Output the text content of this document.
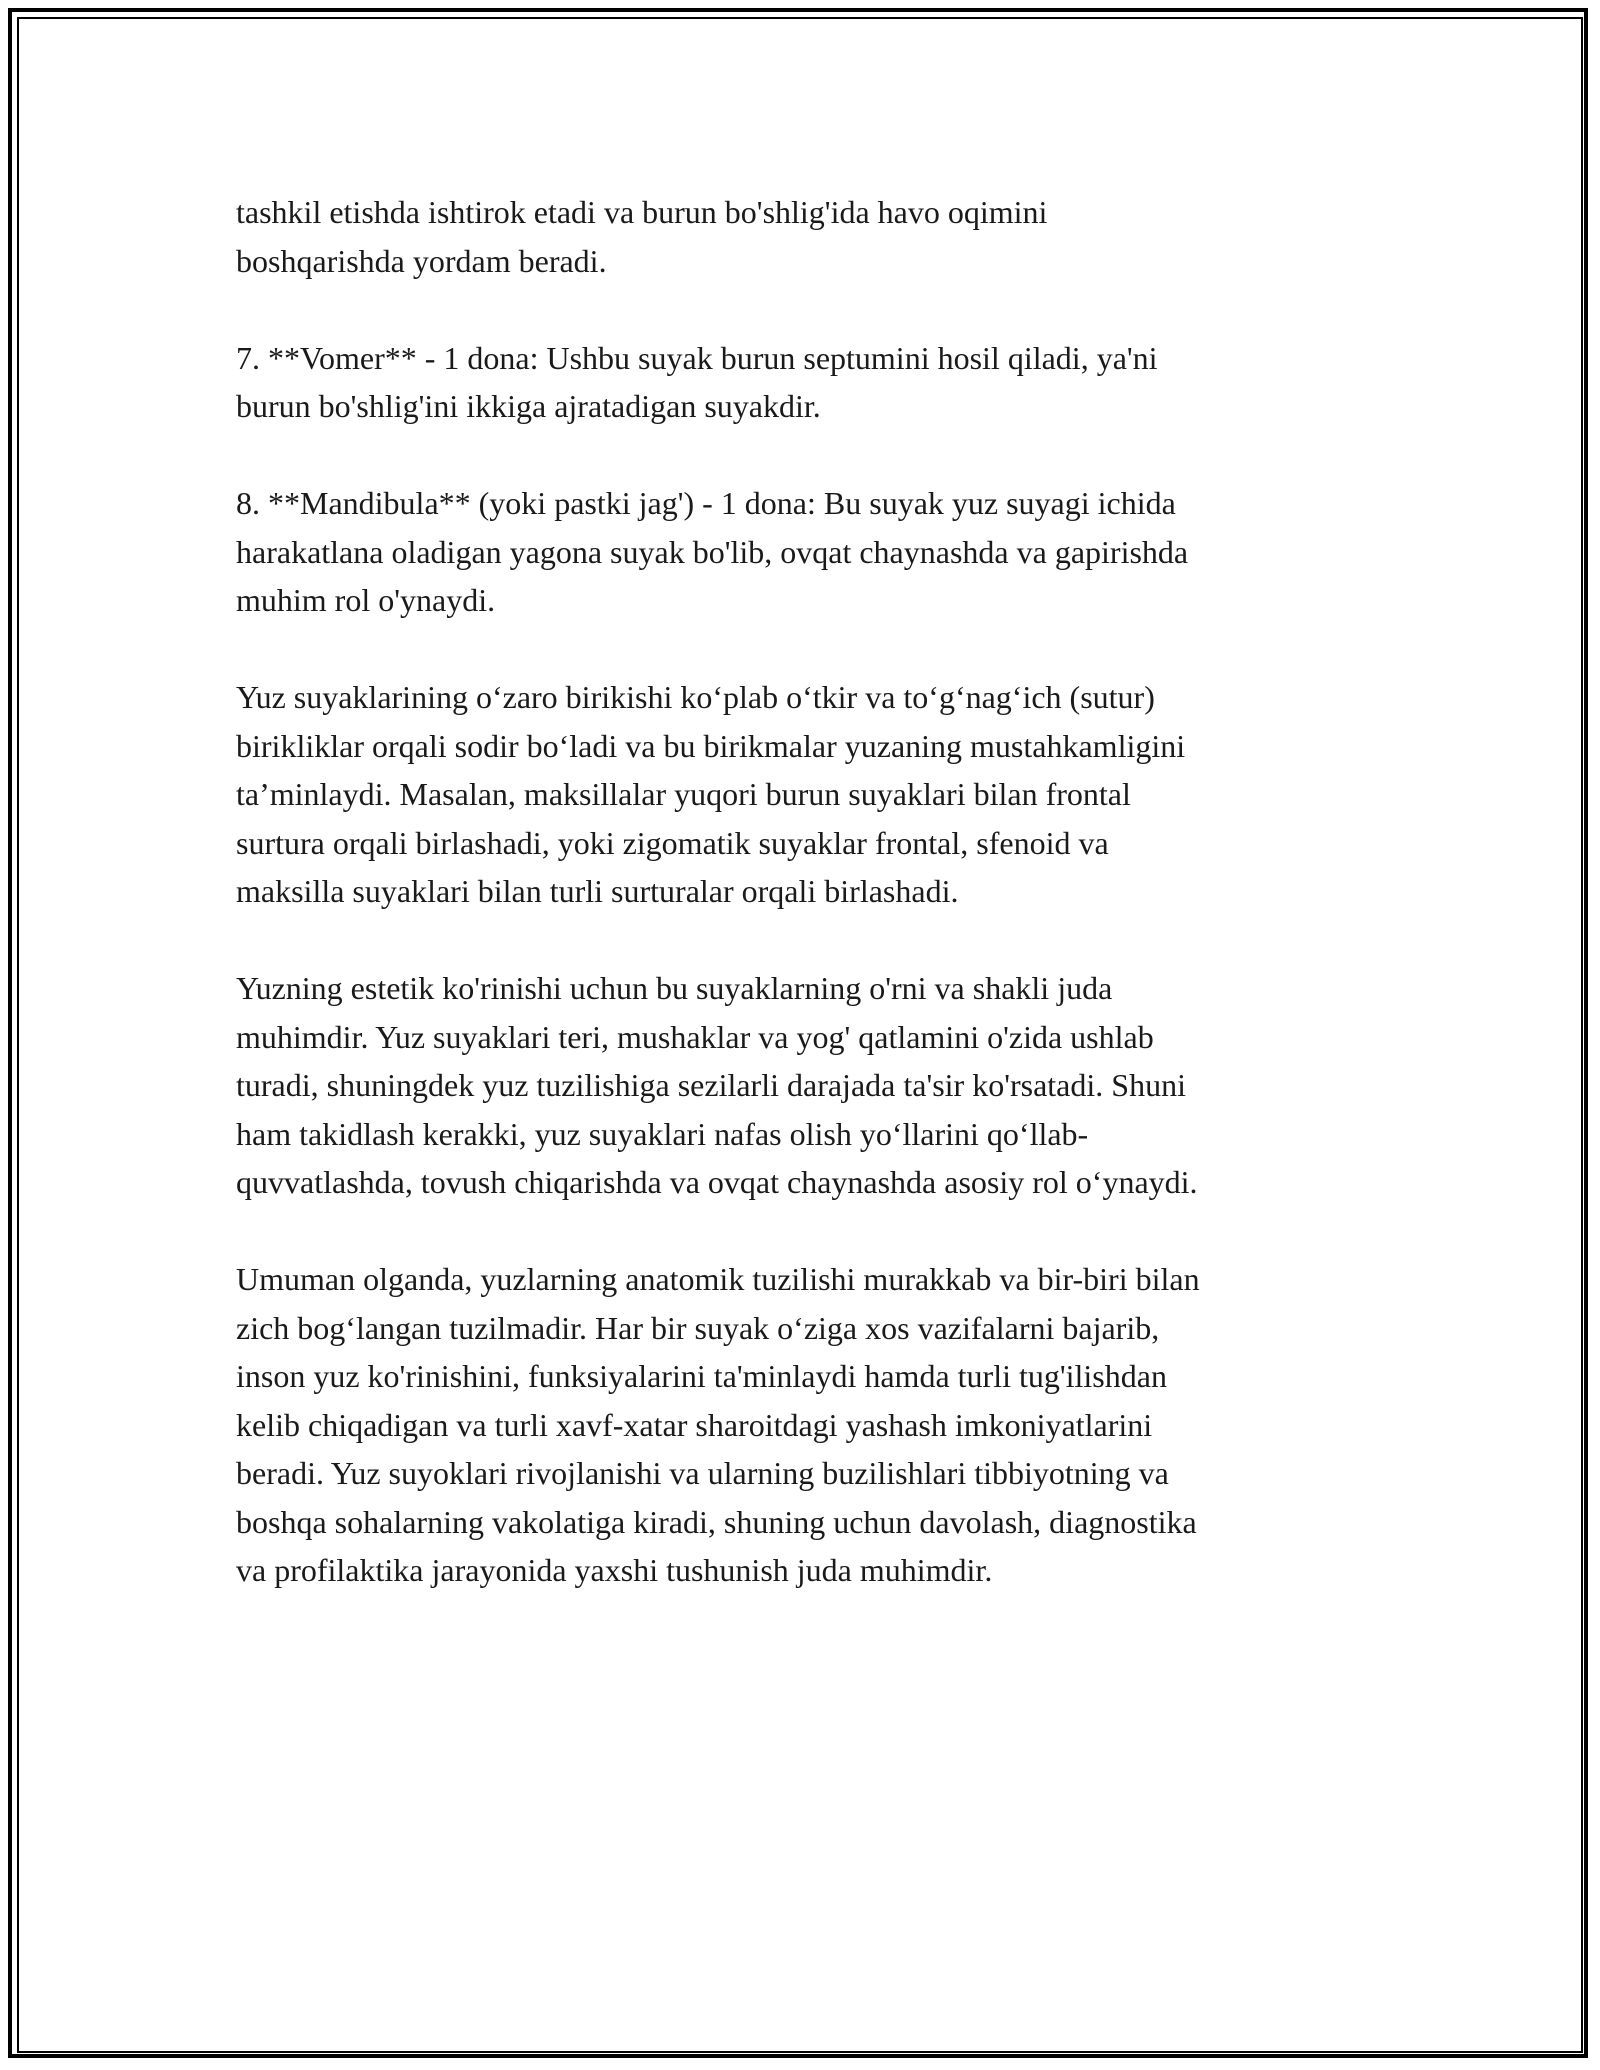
tashkil etishda ishtirok etadi va burun bo'shlig'ida havo oqimini
boshqarishda yordam beradi.

7. **Vomer** - 1 dona: Ushbu suyak burun septumini hosil qiladi, ya'ni
burun bo'shlig'ini ikkiga ajratadigan suyakdir.

8. **Mandibula** (yoki pastki jag') - 1 dona: Bu suyak yuz suyagi ichida
harakatlana oladigan yagona suyak bo'lib, ovqat chaynashda va gapirishda
muhim rol o'ynaydi.

Yuz suyaklarining o‘zaro birikishi ko‘plab o‘tkir va to‘g‘nag‘ich (sutur)
birikliklar orqali sodir bo‘ladi va bu birikmalar yuzaning mustahkamligini
ta’minlaydi. Masalan, maksillalar yuqori burun suyaklari bilan frontal
surtura orqali birlashadi, yoki zigomatik suyaklar frontal, sfenoid va
maksilla suyaklari bilan turli surturalar orqali birlashadi.

Yuzning estetik ko'rinishi uchun bu suyaklarning o'rni va shakli juda
muhimdir. Yuz suyaklari teri, mushaklar va yog' qatlamini o'zida ushlab
turadi, shuningdek yuz tuzilishiga sezilarli darajada ta'sir ko'rsatadi. Shuni
ham takidlash kerakki, yuz suyaklari nafas olish yo‘llarini qo‘llab-
quvvatlashda, tovush chiqarishda va ovqat chaynashda asosiy rol o‘ynaydi.

Umuman olganda, yuzlarning anatomik tuzilishi murakkab va bir-biri bilan
zich bog‘langan tuzilmadir. Har bir suyak o‘ziga xos vazifalarni bajarib,
inson yuz ko'rinishini, funksiyalarini ta'minlaydi hamda turli tug'ilishdan
kelib chiqadigan va turli xavf-xatar sharoitdagi yashash imkoniyatlarini
beradi. Yuz suyoklari rivojlanishi va ularning buzilishlari tibbiyotning va
boshqa sohalarning vakolatiga kiradi, shuning uchun davolash, diagnostika
va profilaktika jarayonida yaxshi tushunish juda muhimdir.
